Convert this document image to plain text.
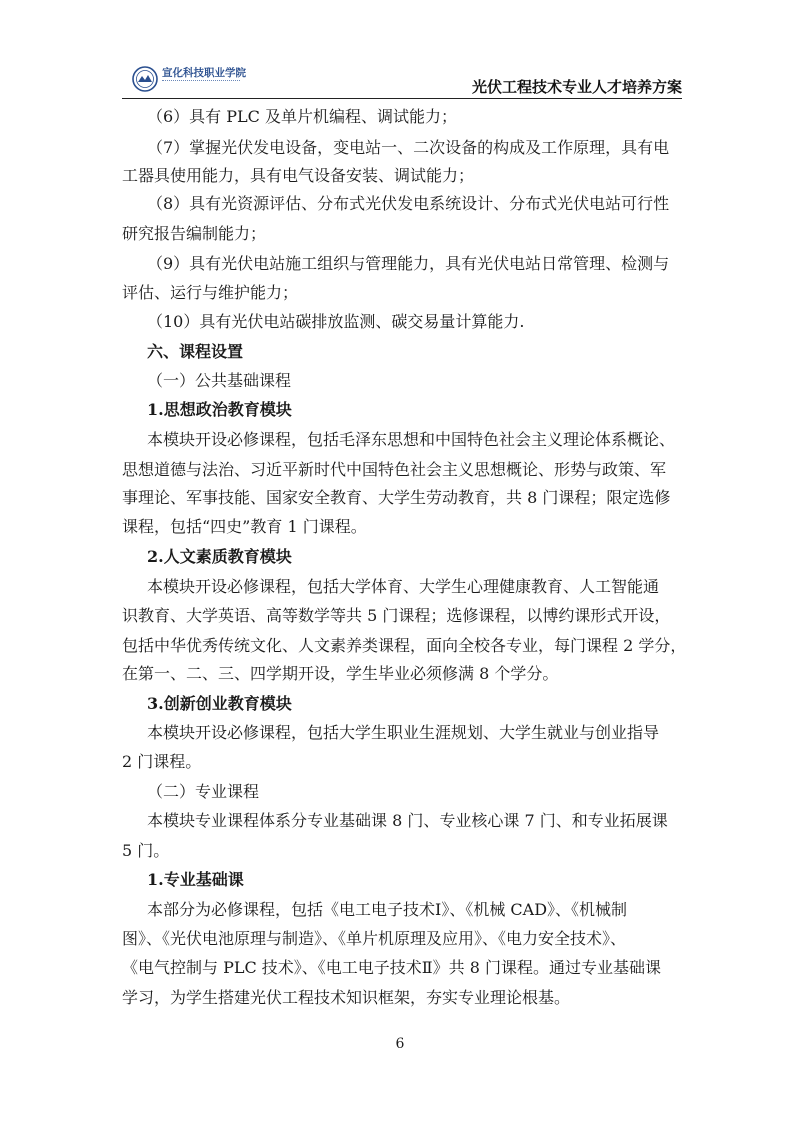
宣化科技职业学院
光伏工程技术专业人才培养方案
（6）具有 PLC 及单片机编程、调试能力；
（7）掌握光伏发电设备，变电站一、二次设备的构成及工作原理，具有电
工器具使用能力，具有电气设备安装、调试能力；
（8）具有光资源评估、分布式光伏发电系统设计、分布式光伏电站可行性
研究报告编制能力；
（9）具有光伏电站施工组织与管理能力，具有光伏电站日常管理、检测与
评估、运行与维护能力；
（10）具有光伏电站碳排放监测、碳交易量计算能力.
六、课程设置
（一）公共基础课程
1.思想政治教育模块
本模块开设必修课程，包括毛泽东思想和中国特色社会主义理论体系概论、
思想道德与法治、习近平新时代中国特色社会主义思想概论、形势与政策、军
事理论、军事技能、国家安全教育、大学生劳动教育，共 8 门课程；限定选修
课程，包括“四史”教育 1 门课程。
2.人文素质教育模块
本模块开设必修课程，包括大学体育、大学生心理健康教育、人工智能通
识教育、大学英语、高等数学等共 5 门课程；选修课程，以博约课形式开设，
包括中华优秀传统文化、人文素养类课程，面向全校各专业，每门课程 2 学分，
在第一、二、三、四学期开设，学生毕业必须修满 8 个学分。
3.创新创业教育模块
本模块开设必修课程，包括大学生职业生涯规划、大学生就业与创业指导
2 门课程。
（二）专业课程
本模块专业课程体系分专业基础课 8 门、专业核心课 7 门、和专业拓展课
5 门。
1.专业基础课
本部分为必修课程，包括《电工电子技术Ⅰ》、《机械 CAD》、《机械制
图》、《光伏电池原理与制造》、《单片机原理及应用》、《电力安全技术》、
《电气控制与 PLC 技术》、《电工电子技术Ⅱ》共 8 门课程。通过专业基础课
学习，为学生搭建光伏工程技术知识框架，夯实专业理论根基。
6
